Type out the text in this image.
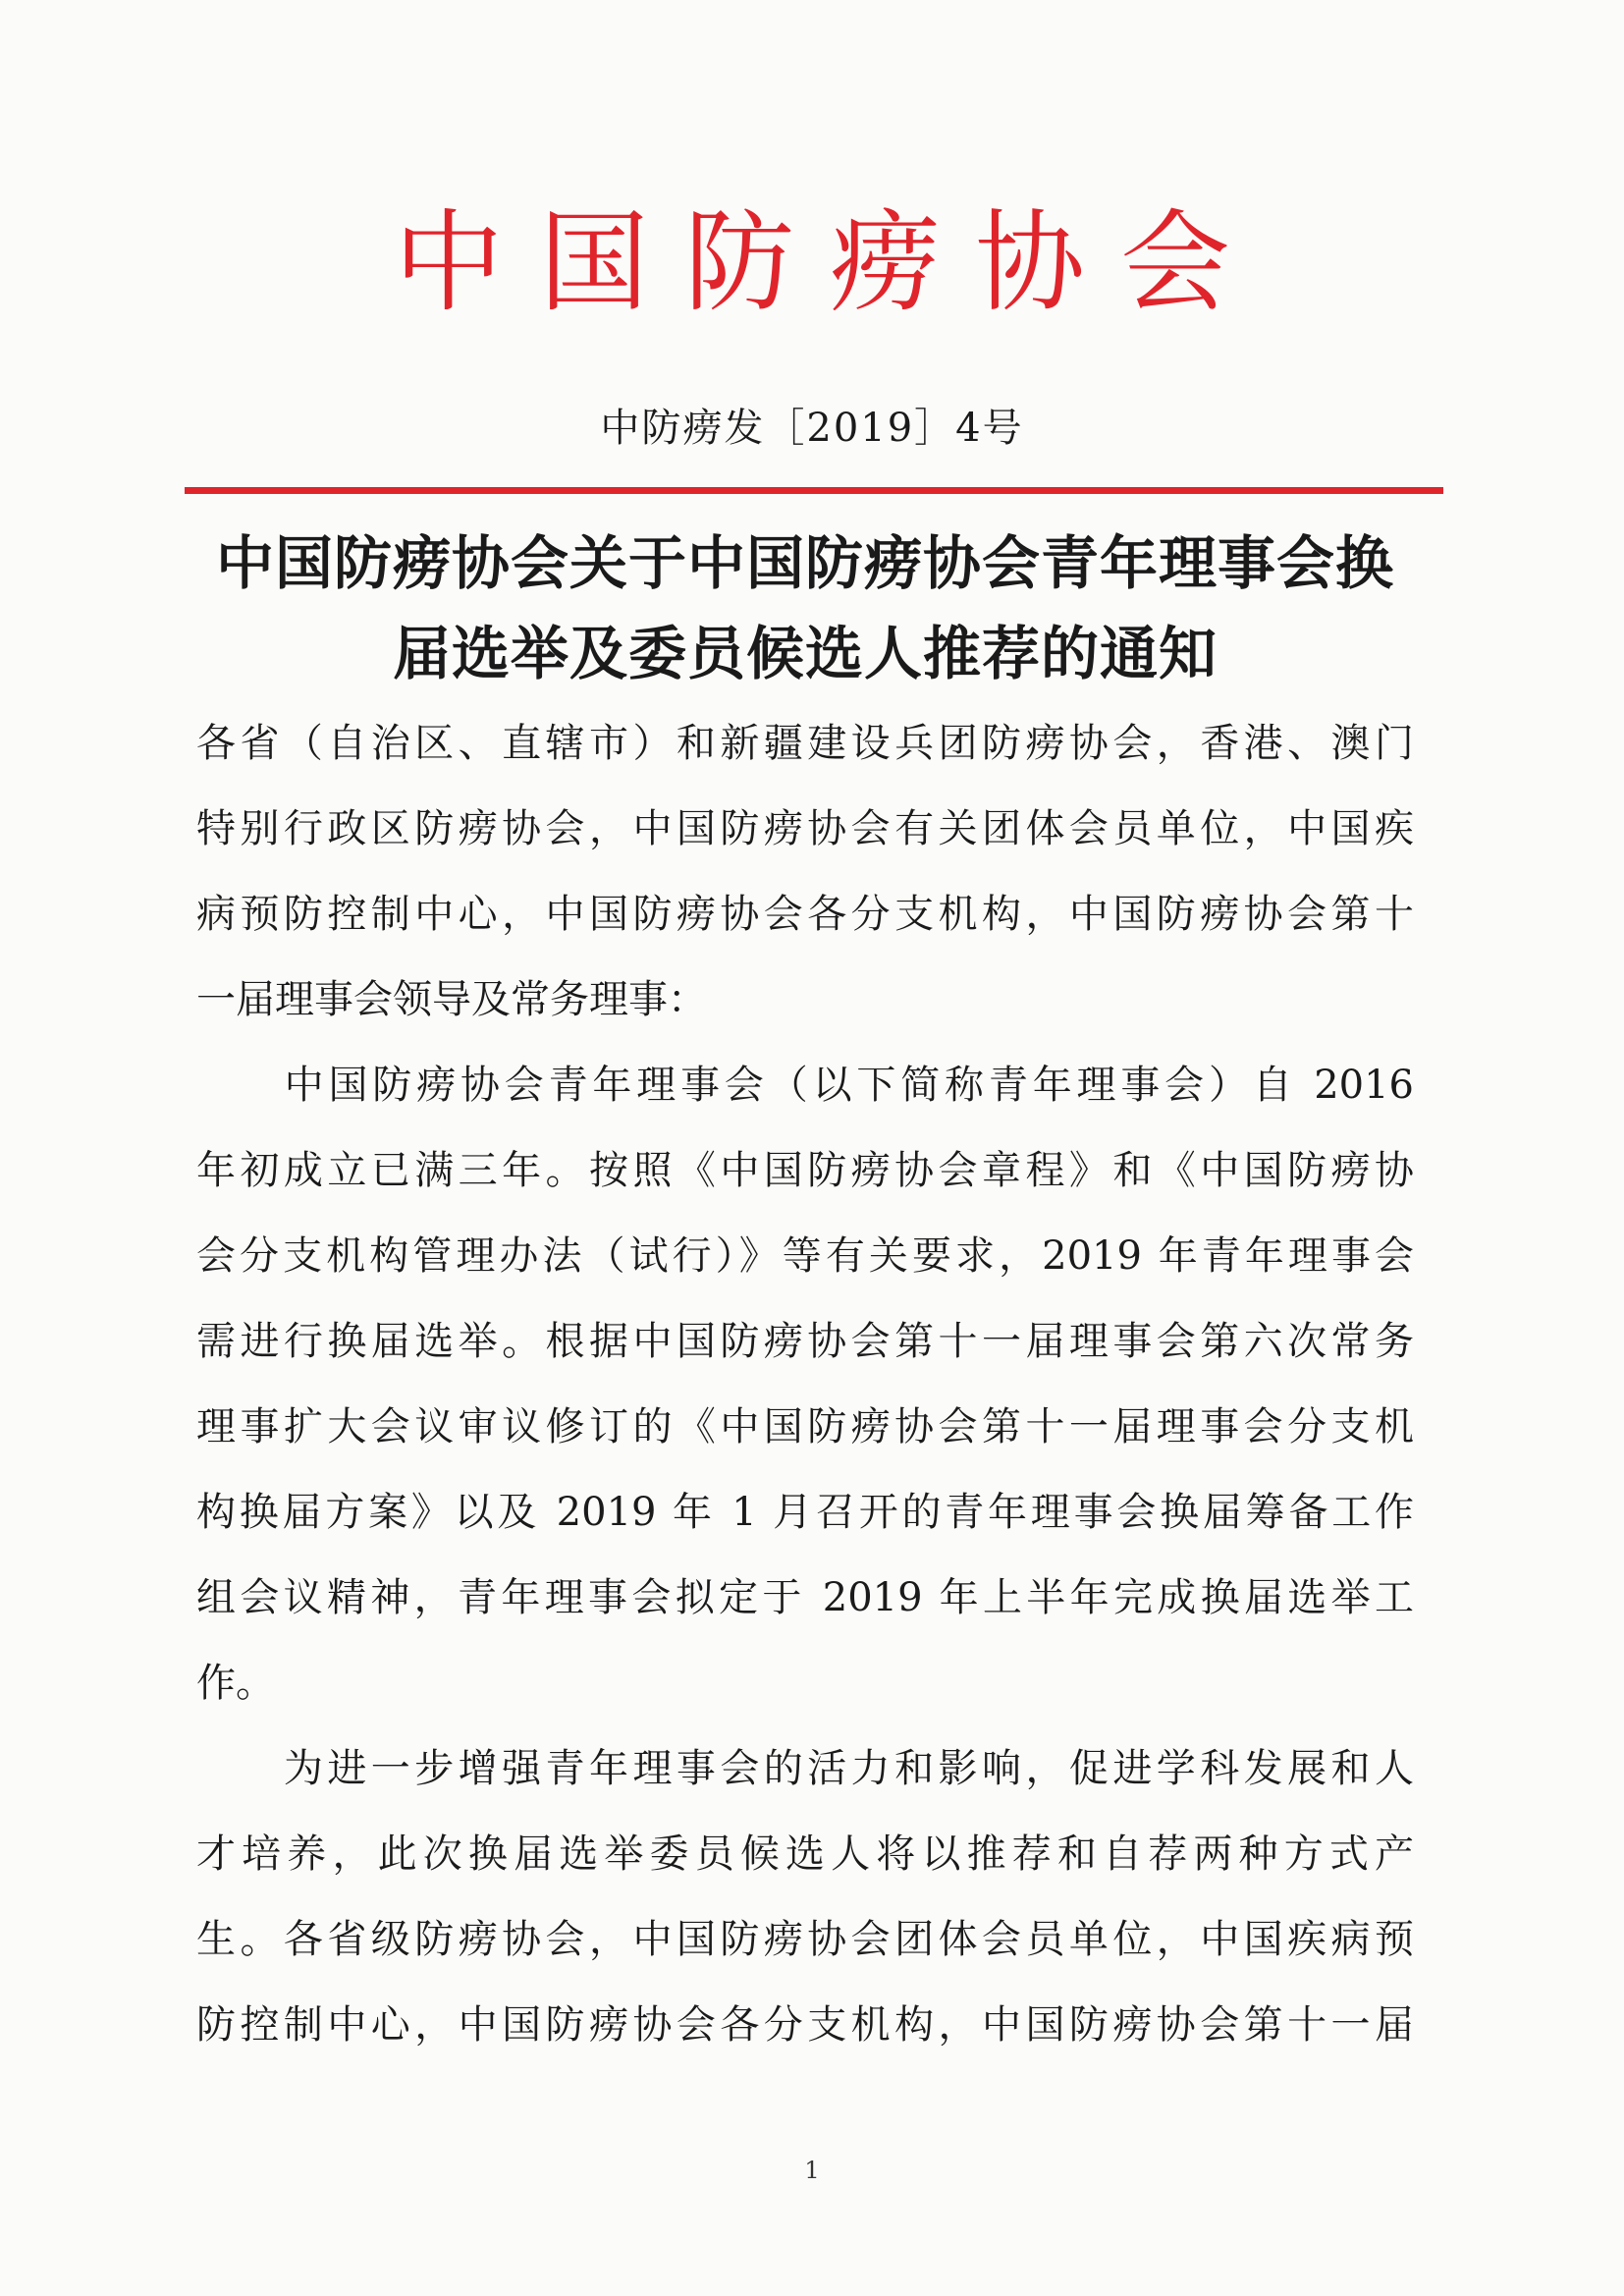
中国防痨协会
中防痨发［2019］4号
中国防痨协会关于中国防痨协会青年理事会换
届选举及委员候选人推荐的通知
各省（自治区、直辖市）和新疆建设兵团防痨协会，香港、澳门
特别行政区防痨协会，中国防痨协会有关团体会员单位，中国疾
病预防控制中心，中国防痨协会各分支机构，中国防痨协会第十
一届理事会领导及常务理事：
　　中国防痨协会青年理事会（以下简称青年理事会）自 2016
年初成立已满三年。按照《中国防痨协会章程》和《中国防痨协
会分支机构管理办法（试行）》等有关要求，2019 年青年理事会
需进行换届选举。根据中国防痨协会第十一届理事会第六次常务
理事扩大会议审议修订的《中国防痨协会第十一届理事会分支机
构换届方案》以及 2019 年 1 月召开的青年理事会换届筹备工作
组会议精神，青年理事会拟定于 2019 年上半年完成换届选举工
作。
　　为进一步增强青年理事会的活力和影响，促进学科发展和人
才培养，此次换届选举委员候选人将以推荐和自荐两种方式产
生。各省级防痨协会，中国防痨协会团体会员单位，中国疾病预
防控制中心，中国防痨协会各分支机构，中国防痨协会第十一届
1
